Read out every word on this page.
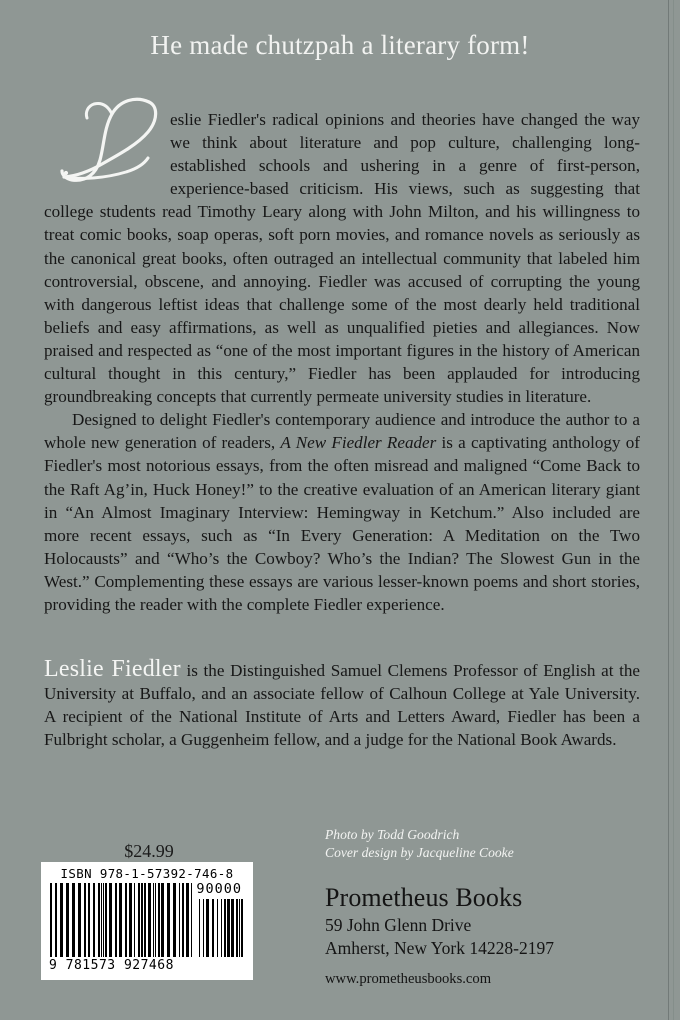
He made chutzpah a literary form!

eslie Fiedler's radical opinions and theories have changed the way we think about literature and pop culture, challenging long-established schools and ushering in a genre of first-person, experience-based criticism. His views, such as suggesting that college students read Timothy Leary along with John Milton, and his willingness to treat comic books, soap operas, soft porn movies, and romance novels as seriously as the canonical great books, often outraged an intellectual community that labeled him controversial, obscene, and annoying. Fiedler was accused of corrupting the young with dangerous leftist ideas that challenge some of the most dearly held traditional beliefs and easy affirmations, as well as unqualified pieties and allegiances. Now praised and respected as “one of the most important figures in the history of American cultural thought in this century,” Fiedler has been applauded for introducing groundbreaking concepts that currently permeate university studies in literature.

Designed to delight Fiedler's contemporary audience and introduce the author to a whole new generation of readers, A New Fiedler Reader is a captivating anthology of Fiedler's most notorious essays, from the often misread and maligned “Come Back to the Raft Ag’in, Huck Honey!” to the creative evaluation of an American literary giant in “An Almost Imaginary Interview: Hemingway in Ketchum.” Also included are more recent essays, such as “In Every Generation: A Meditation on the Two Holocausts” and “Who’s the Cowboy? Who’s the Indian? The Slowest Gun in the West.” Complementing these essays are various lesser-known poems and short stories, providing the reader with the complete Fiedler experience.

Leslie Fiedler is the Distinguished Samuel Clemens Professor of English at the University at Buffalo, and an associate fellow of Calhoun College at Yale University. A recipient of the National Institute of Arts and Letters Award, Fiedler has been a Fulbright scholar, a Guggenheim fellow, and a judge for the National Book Awards.

$24.99
ISBN 978-1-57392-746-8
90000
9 781573 927468
Photo by Todd Goodrich
Cover design by Jacqueline Cooke
Prometheus Books
59 John Glenn Drive
Amherst, New York 14228-2197
www.prometheusbooks.com
